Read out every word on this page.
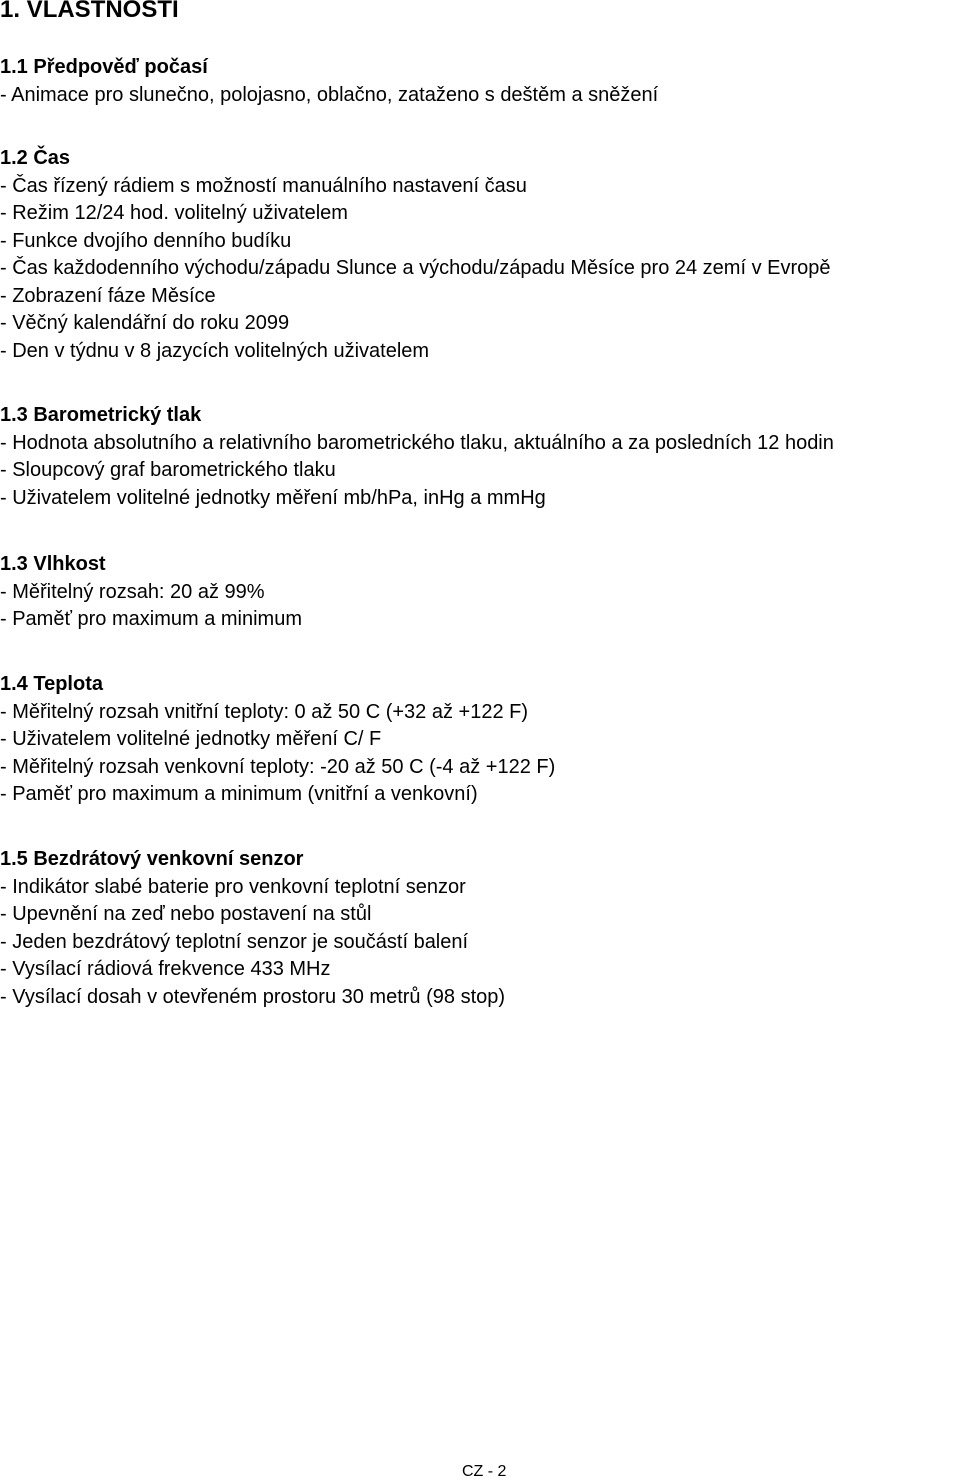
1. VLASTNOSTI
1.1 Předpověď počasí
- Animace pro slunečno, polojasno, oblačno, zataženo s deštěm a sněžení
1.2 Čas
- Čas řízený rádiem s možností manuálního nastavení času
- Režim 12/24 hod. volitelný uživatelem
- Funkce dvojího denního budíku
- Čas každodenního východu/západu Slunce a východu/západu Měsíce pro 24 zemí v Evropě
- Zobrazení fáze Měsíce
- Věčný kalendářní do roku 2099
- Den v týdnu v 8 jazycích volitelných uživatelem
1.3 Barometrický tlak
- Hodnota absolutního a relativního barometrického tlaku, aktuálního a za posledních 12 hodin
- Sloupcový graf barometrického tlaku
- Uživatelem volitelné jednotky měření mb/hPa, inHg a mmHg
1.3 Vlhkost
- Měřitelný rozsah: 20 až 99%
- Paměť pro maximum a minimum
1.4 Teplota
- Měřitelný rozsah vnitřní teploty: 0 až 50 C (+32 až +122 F)
- Uživatelem volitelné jednotky měření C/ F
- Měřitelný rozsah venkovní teploty: -20 až 50 C (-4 až +122 F)
- Paměť pro maximum a minimum (vnitřní a venkovní)
1.5 Bezdrátový venkovní senzor
- Indikátor slabé baterie pro venkovní teplotní senzor
- Upevnění na zeď nebo postavení na stůl
- Jeden bezdrátový teplotní senzor je součástí balení
- Vysílací rádiová frekvence 433 MHz
- Vysílací dosah v otevřeném prostoru 30 metrů (98 stop)
CZ - 2
